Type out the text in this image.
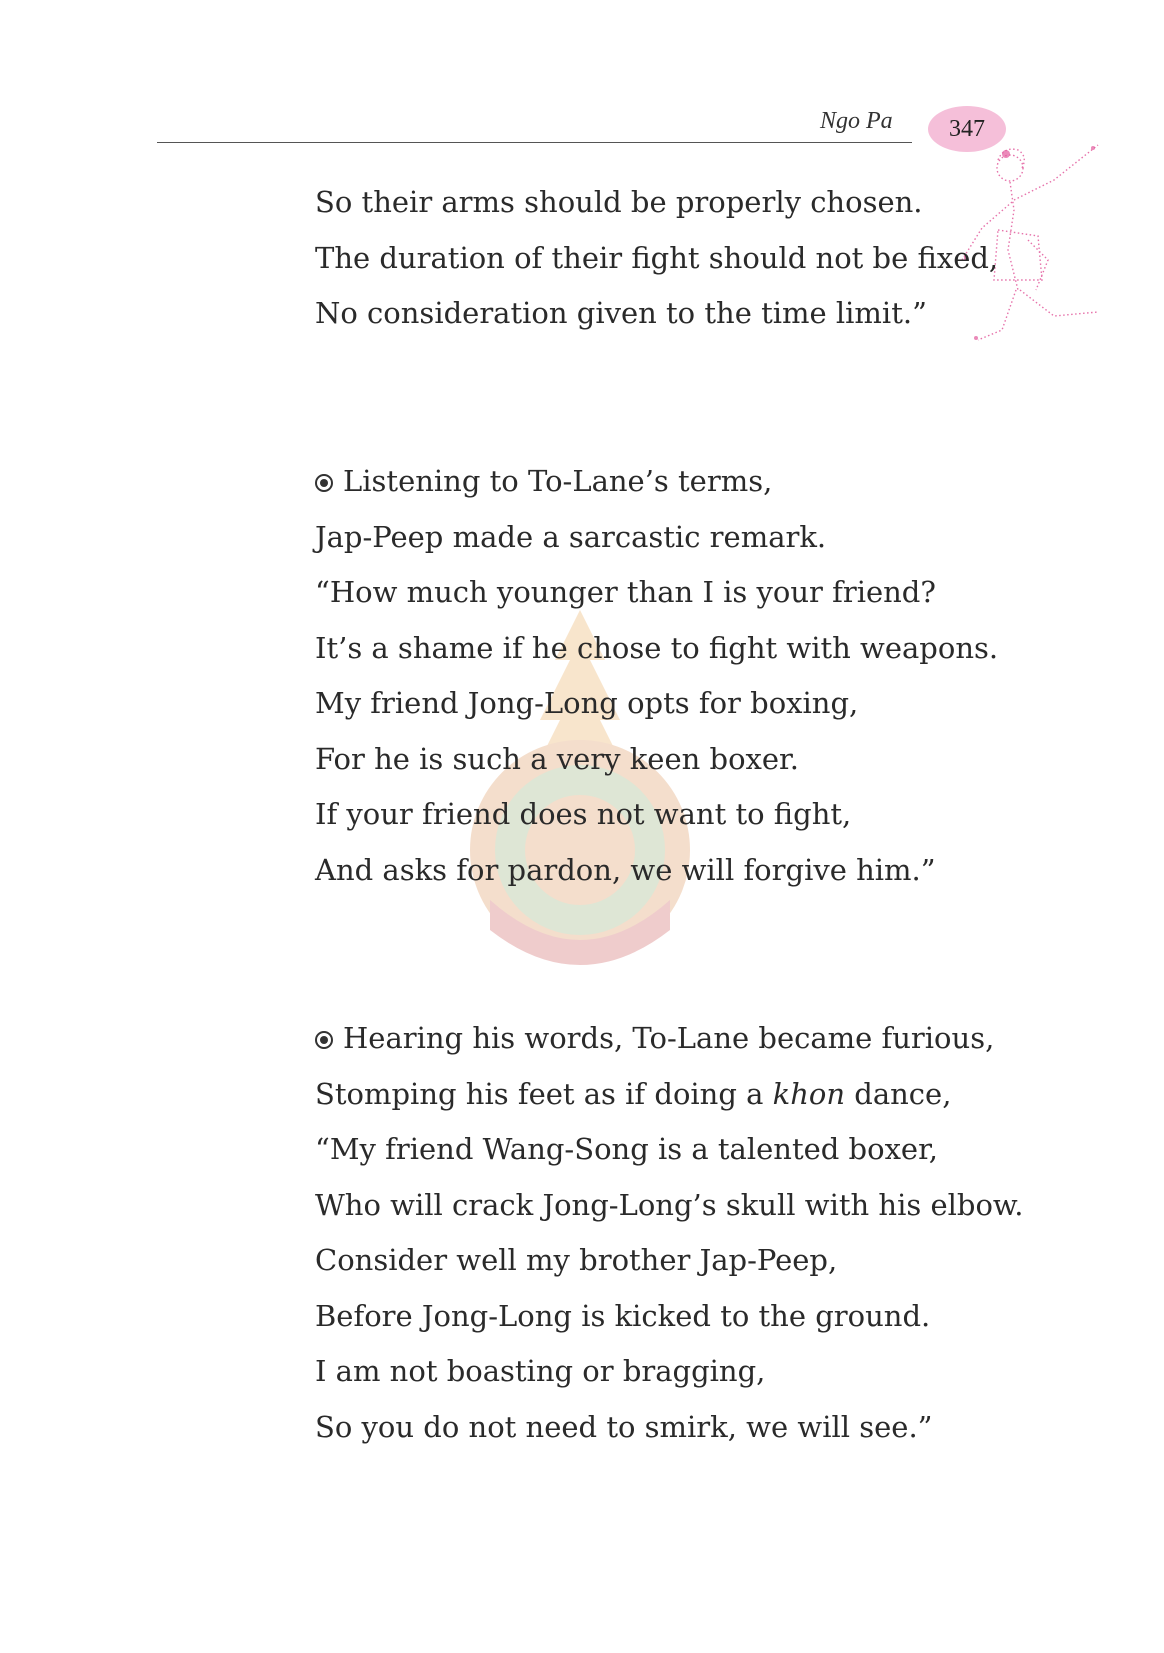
Ngo Pa 347
So their arms should be properly chosen.
The duration of their fight should not be fixed,
No consideration given to the time limit.”
Listening to To-Lane’s terms,
Jap-Peep made a sarcastic remark.
“How much younger than I is your friend?
It’s a shame if he chose to fight with weapons.
My friend Jong-Long opts for boxing,
For he is such a very keen boxer.
If your friend does not want to fight,
And asks for pardon, we will forgive him.”
Hearing his words, To-Lane became furious,
Stomping his feet as if doing a khon dance,
“My friend Wang-Song is a talented boxer,
Who will crack Jong-Long’s skull with his elbow.
Consider well my brother Jap-Peep,
Before Jong-Long is kicked to the ground.
I am not boasting or bragging,
So you do not need to smirk, we will see.”
